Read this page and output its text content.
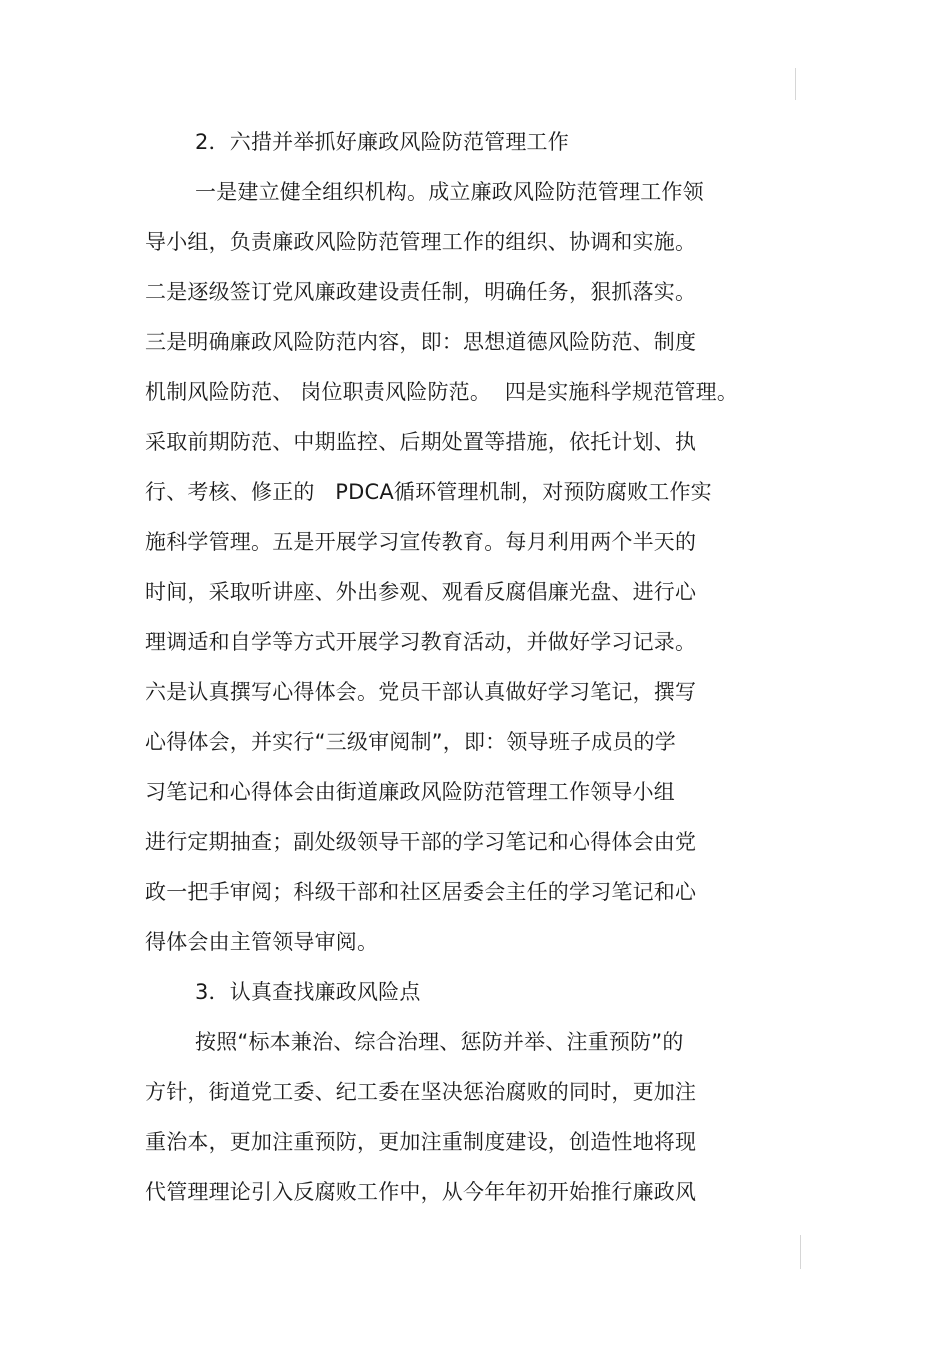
2．六措并举抓好廉政风险防范管理工作
一是建立健全组织机构。成立廉政风险防范管理工作领
导小组，负责廉政风险防范管理工作的组织、协调和实施。
二是逐级签订党风廉政建设责任制，明确任务，狠抓落实。
三是明确廉政风险防范内容，即：思想道德风险防范、制度
机制风险防范、 岗位职责风险防范。  四是实施科学规范管理。
采取前期防范、中期监控、后期处置等措施，依托计划、执
行、考核、修正的   PDCA循环管理机制，对预防腐败工作实
施科学管理。五是开展学习宣传教育。每月利用两个半天的
时间，采取听讲座、外出参观、观看反腐倡廉光盘、进行心
理调适和自学等方式开展学习教育活动，并做好学习记录。
六是认真撰写心得体会。党员干部认真做好学习笔记，撰写
心得体会，并实行“三级审阅制”，即：领导班子成员的学
习笔记和心得体会由街道廉政风险防范管理工作领导小组
进行定期抽查；副处级领导干部的学习笔记和心得体会由党
政一把手审阅；科级干部和社区居委会主任的学习笔记和心
得体会由主管领导审阅。
3．认真查找廉政风险点
按照“标本兼治、综合治理、惩防并举、注重预防”的
方针，街道党工委、纪工委在坚决惩治腐败的同时，更加注
重治本，更加注重预防，更加注重制度建设，创造性地将现
代管理理论引入反腐败工作中，从今年年初开始推行廉政风
